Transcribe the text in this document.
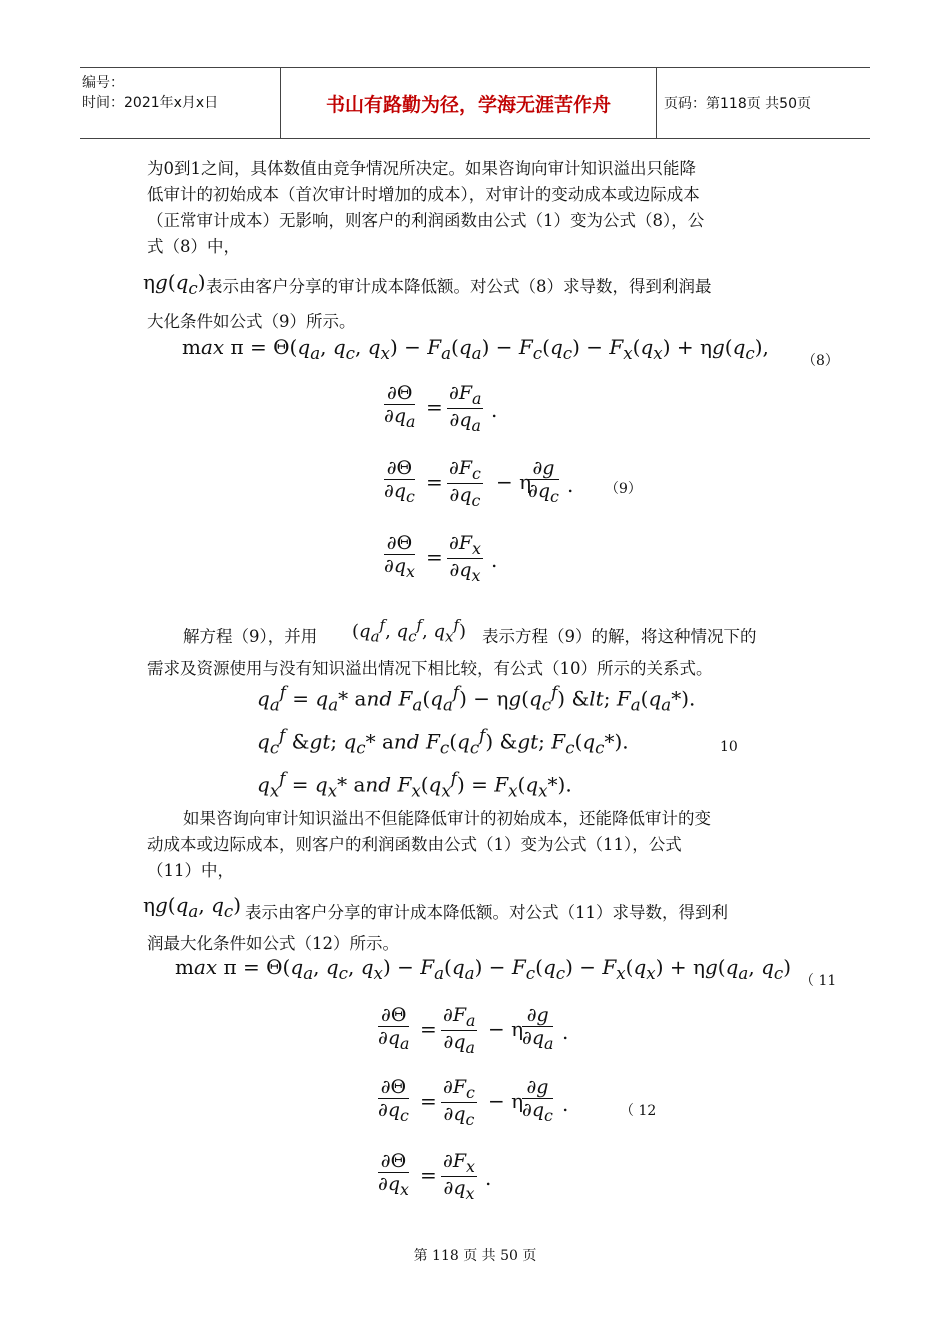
编号：
时间：2021年x月x日	书山有路勤为径，学海无涯苦作舟	页码：第118页 共50页
为0到1之间，具体数值由竞争情况所决定。如果咨询向审计知识溢出只能降
低审计的初始成本（首次审计时增加的成本），对审计的变动成本或边际成本
（正常审计成本）无影响，则客户的利润函数由公式（1）变为公式（8），公
式（8）中，
$\eta g(q_c)$ 表示由客户分享的审计成本降低额。对公式（8）求导数，得到利润最
大化条件如公式（9）所示。
$\max \pi = \Theta(q_a$, $q_c$, $q_x) - F_a(q_a) - F_c(q_c) - F_x(q_x) + \eta g(q_c)$,
（8）
$\frac{\partial\Theta}{\partial q_a} = \frac{\partial F_a}{\partial q_a}$ .
$\frac{\partial\Theta}{\partial q_c} = \frac{\partial F_c}{\partial q_c} - \eta$
$\frac{\partial g}{\partial q_c}$ .
$\frac{\partial\Theta}{\partial q_x} = \frac{\partial F_x}{\partial q_x}$ .
（9）
解方程（9），并用 ($q_a^f$, $q_c^f$, $q_x^f$) 表示方程（9）的解，将这种情况下的
需求及资源使用与没有知识溢出情况下相比较，有公式（10）所示的关系式。
$q_a^f = q_a*$ and $F_a(q_a^f) - \eta g(q_c^f)$ &lt; $F_a(q_a*)$.
$q_c^f$ &gt; $q_c*$ and $F_c(q_c^f)$ &gt; $F_c(q_c*)$.
$q_x^f = q_x*$ and $F_x(q_x^f) = F_x(q_x*)$.
10
如果咨询向审计知识溢出不但能降低审计的初始成本，还能降低审计的变
动成本或边际成本，则客户的利润函数由公式（1）变为公式（11），公式
（11）中，
$\eta g(q_a$, $q_c$) 表示由客户分享的审计成本降低额。对公式（11）求导数，得到利
润最大化条件如公式（12）所示。
$\max \pi = \Theta(q_a$, $q_c$, $q_x) - F_a(q_a) - F_c(q_c) - F_x(q_x) + \eta g(q_a$, $q_c$)
（ 11
$\frac{\partial\Theta}{\partial q_a} = \frac{\partial F_a}{\partial q_a} - \eta$
$\frac{\partial g}{\partial q_a}$ .
$\frac{\partial\Theta}{\partial q_c} = \frac{\partial F_c}{\partial q_c} - \eta$
$\frac{\partial g}{\partial q_c}$ .
$\frac{\partial\Theta}{\partial q_x} = \frac{\partial F_x}{\partial q_x}$ .
（ 12
第 118 页 共 50 页
